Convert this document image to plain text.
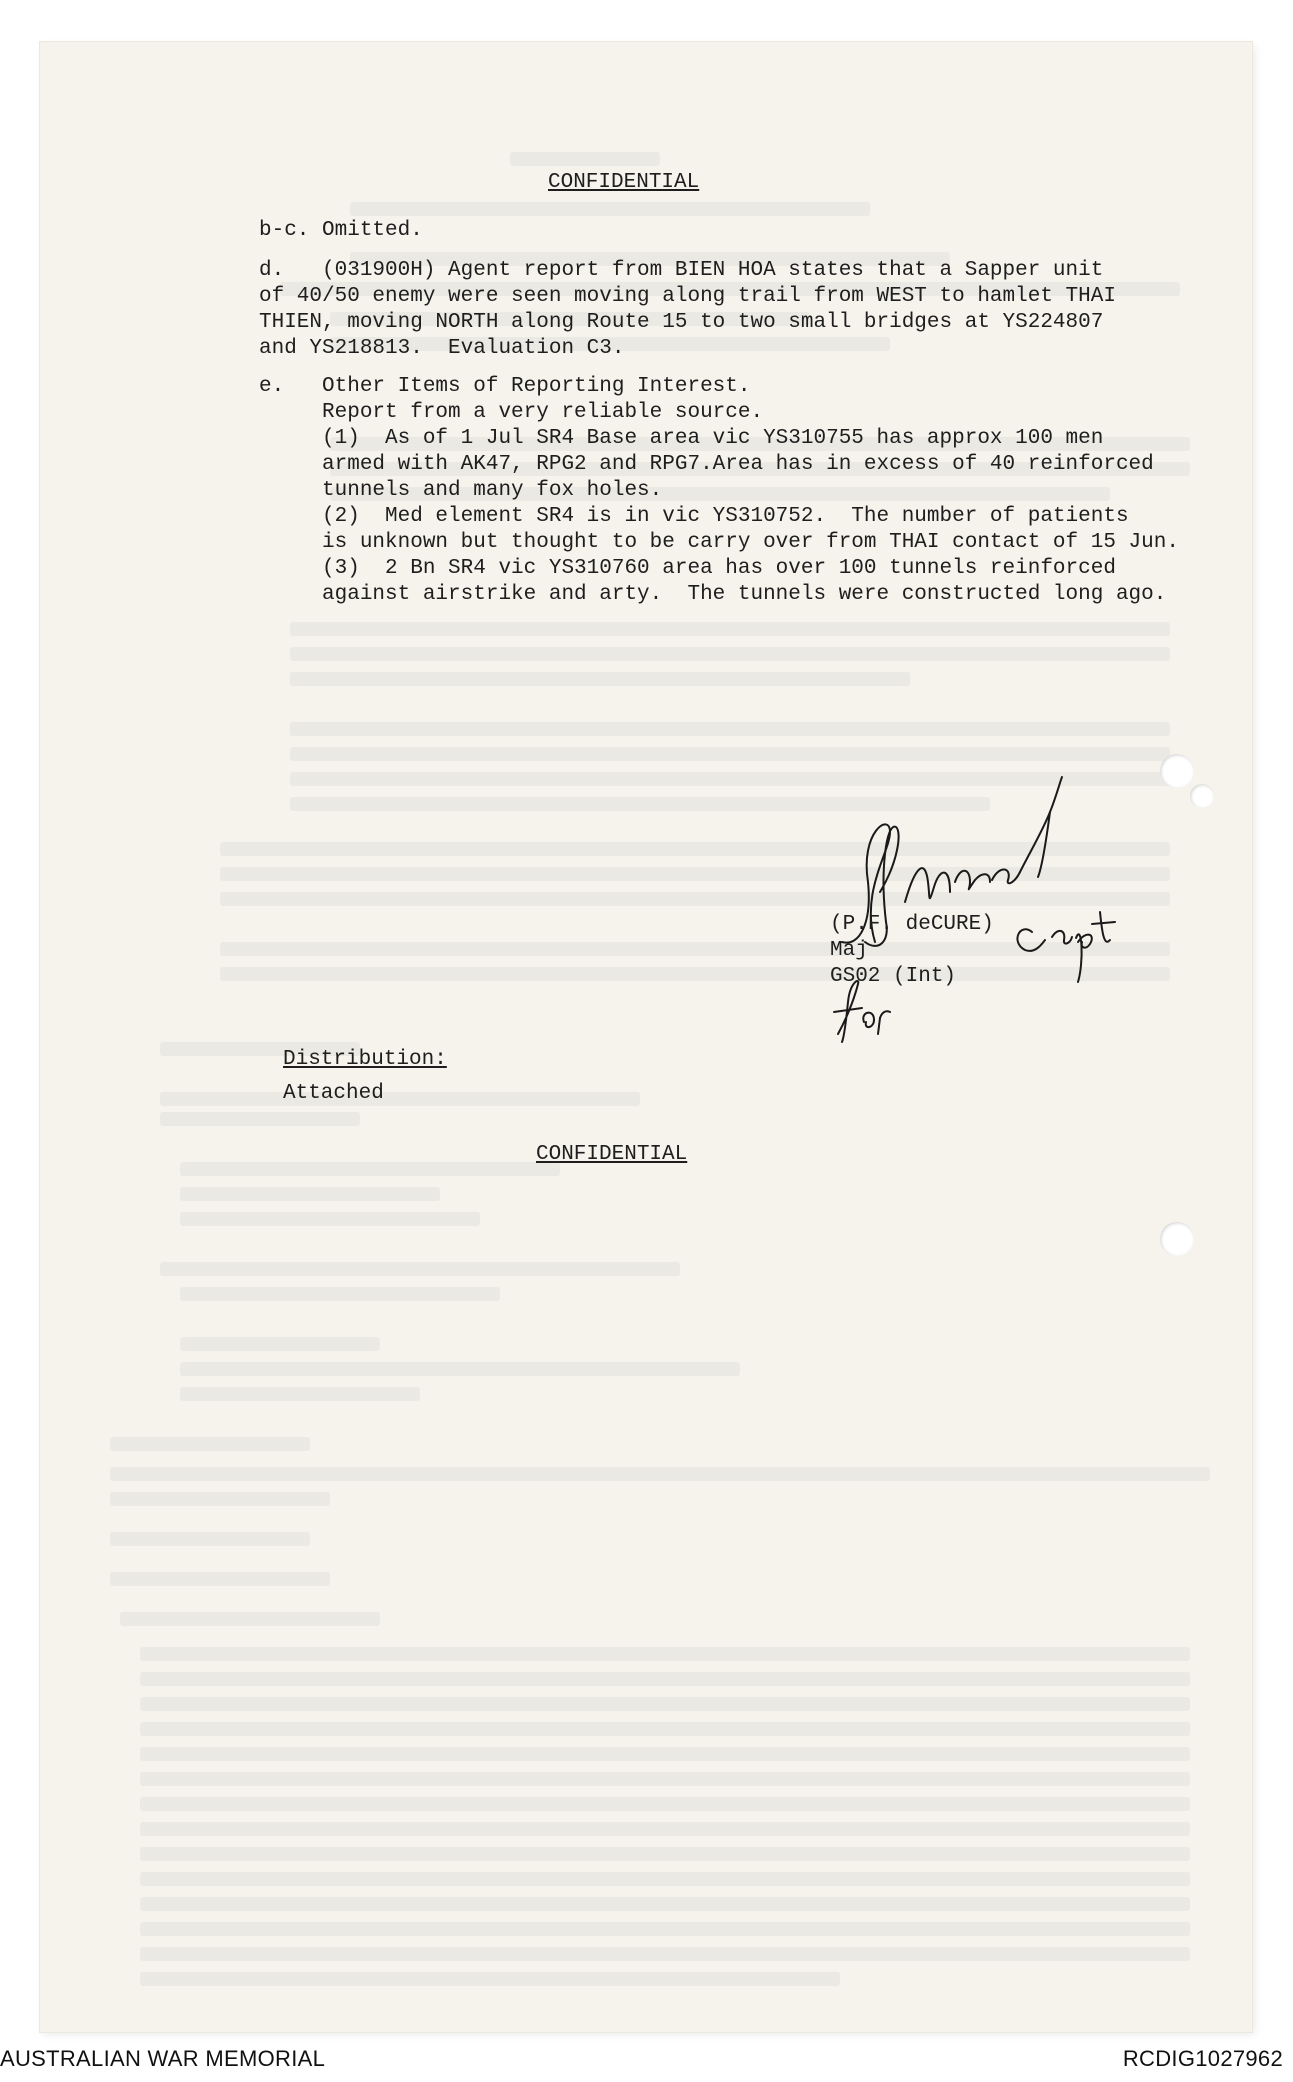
CONFIDENTIAL
b-c. Omitted.
d.   (031900H) Agent report from BIEN HOA states that a Sapper unit
of 40/50 enemy were seen moving along trail from WEST to hamlet THAI
THIEN, moving NORTH along Route 15 to two small bridges at YS224807
and YS218813.  Evaluation C3.
e.   Other Items of Reporting Interest.
Report from a very reliable source.
(1)  As of 1 Jul SR4 Base area vic YS310755 has approx 100 men
armed with AK47, RPG2 and RPG7.Area has in excess of 40 reinforced
tunnels and many fox holes.
(2)  Med element SR4 is in vic YS310752.  The number of patients
is unknown but thought to be carry over from THAI contact of 15 Jun.
(3)  2 Bn SR4 vic YS310760 area has over 100 tunnels reinforced
against airstrike and arty.  The tunnels were constructed long ago.
(P.F. deCURE)
Maj
GS02 (Int)
Distribution:
Attached
CONFIDENTIAL
AUSTRALIAN WAR MEMORIAL	RCDIG1027962
